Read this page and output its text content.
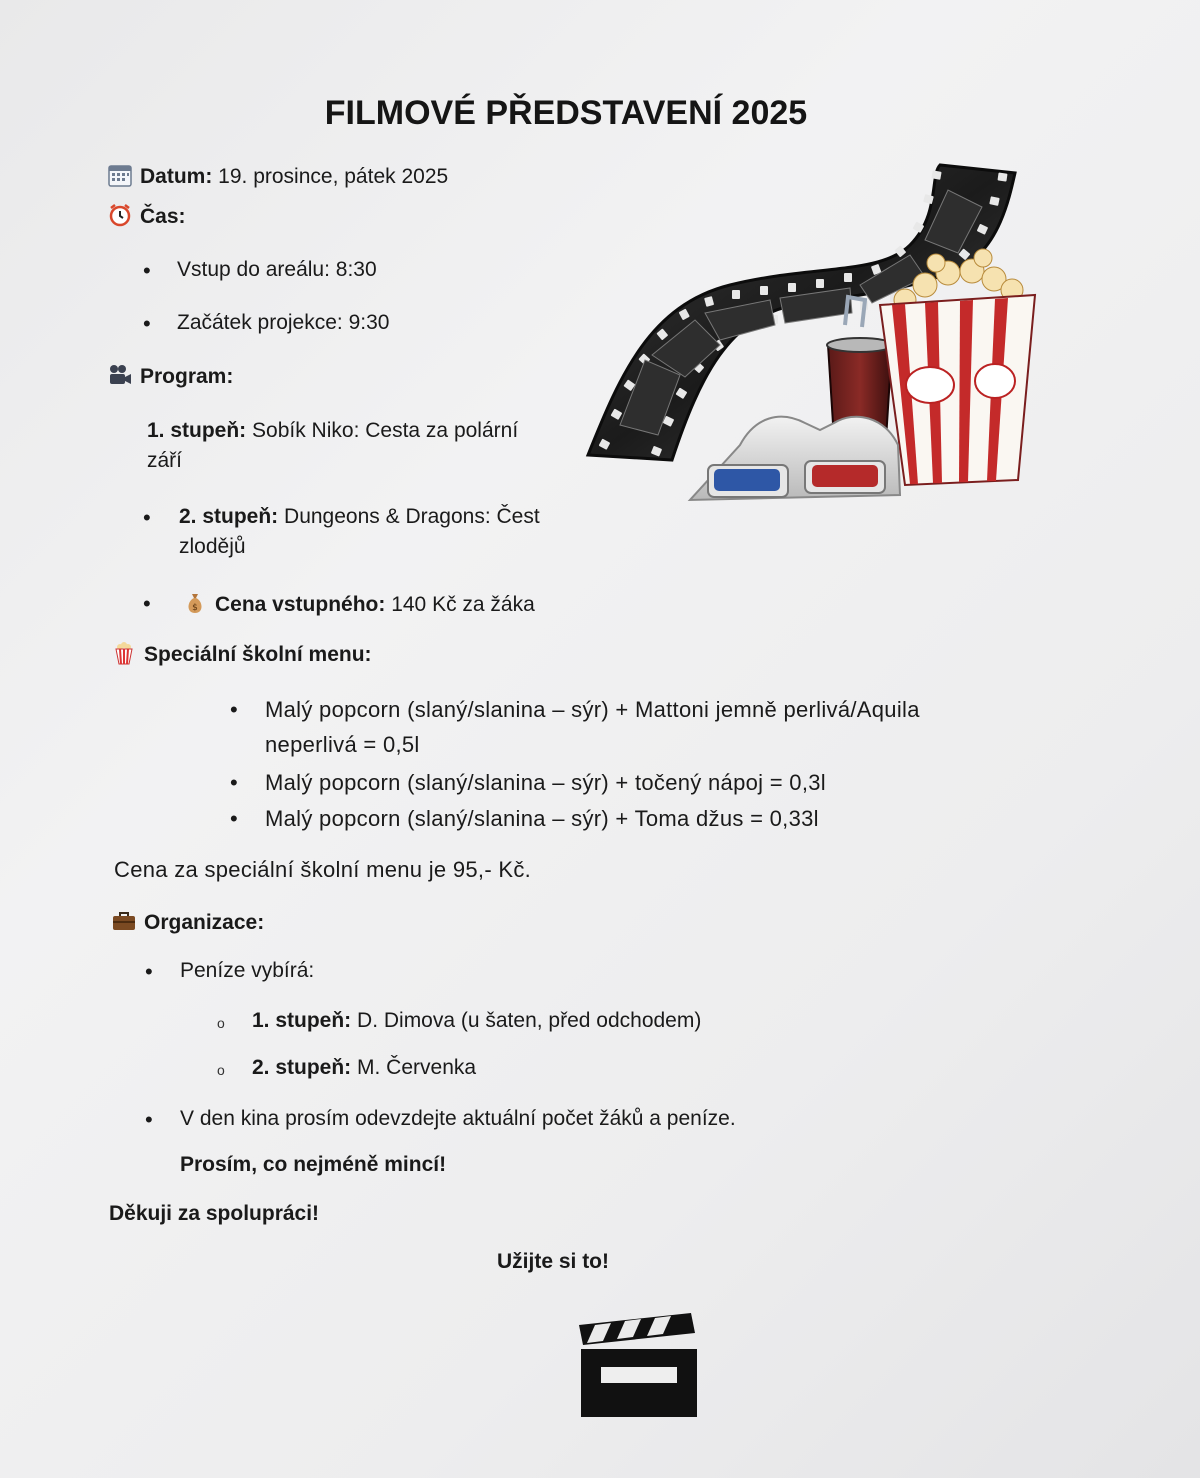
FILMOVÉ PŘEDSTAVENÍ 2025
Datum: 19. prosince, pátek 2025
Čas:
• Vstup do areálu: 8:30
• Začátek projekce: 9:30
Program:
1. stupeň: Sobík Niko: Cesta za polární
září
• 2. stupeň: Dungeons & Dragons: Čest
zlodějů
•	$ Cena vstupného: 140 Kč za žáka
Speciální školní menu:
• Malý popcorn (slaný/slanina – sýr) + Mattoni jemně perlivá/Aquila
neperlivá = 0,5l
• Malý popcorn (slaný/slanina – sýr) + točený nápoj = 0,3l
• Malý popcorn (slaný/slanina – sýr) + Toma džus = 0,33l
Cena za speciální školní menu je 95,- Kč.
Organizace:
• Peníze vybírá:
o 1. stupeň: D. Dimova (u šaten, před odchodem)
o 2. stupeň: M. Červenka
• V den kina prosím odevzdejte aktuální počet žáků a peníze.
Prosím, co nejméně mincí!
Děkuji za spolupráci!
Užijte si to!
